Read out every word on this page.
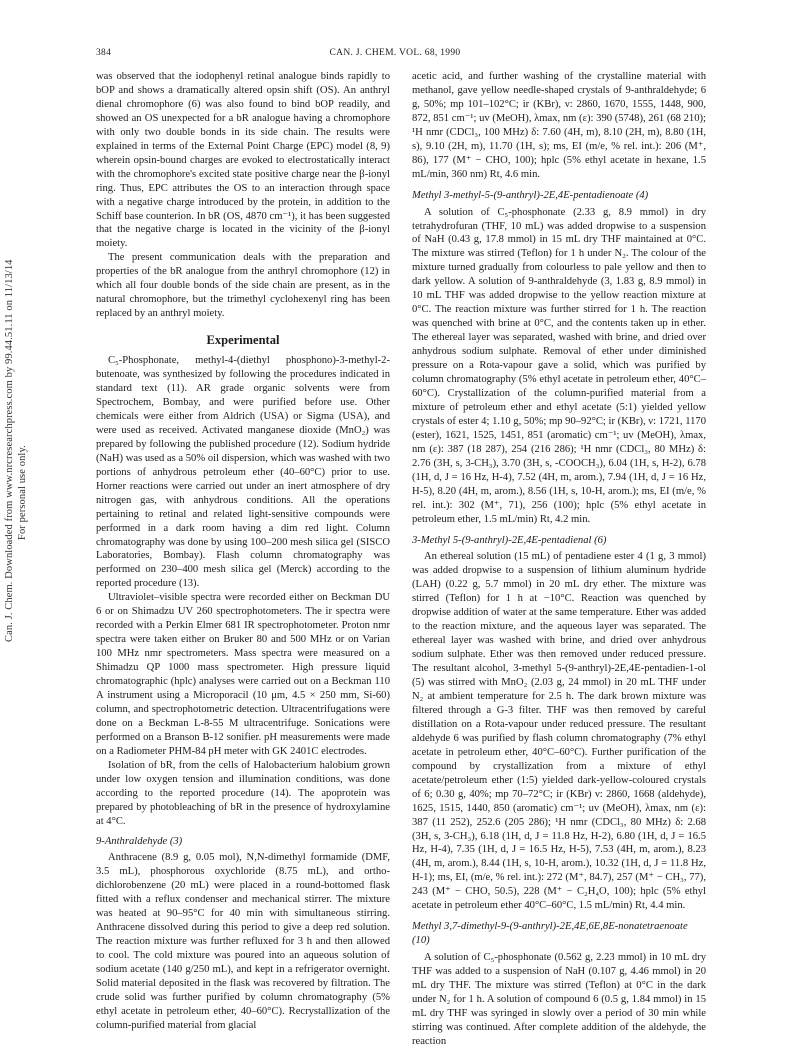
Can. J. Chem. Downloaded from www.nrcresearchpress.com by 99.44.51.11 on 11/13/14 For personal use only.
384	CAN. J. CHEM. VOL. 68, 1990

was observed that the iodophenyl retinal analogue binds rapidly to bOP and shows a dramatically altered opsin shift (OS). An anthryl dienal chromophore (6) was also found to bind bOP readily, and showed an OS unexpected for a bR analogue having a chromophore with only two double bonds in its side chain. The results were explained in terms of the External Point Charge (EPC) model (8, 9) wherein opsin-bound charges are evoked to electrostatically interact with the chromophore's excited state positive charge near the β-ionyl ring. Thus, EPC attributes the OS to an interaction through space with a negative charge introduced by the protein, in addition to the Schiff base counterion. In bR (OS, 4870 cm⁻¹), it has been suggested that the negative charge is located in the vicinity of the β-ionyl moiety.

The present communication deals with the preparation and properties of the bR analogue from the anthryl chromophore (12) in which all four double bonds of the side chain are present, as in the natural chromophore, but the trimethyl cyclohexenyl ring has been replaced by an anthryl moiety.

Experimental

C₅-Phosphonate, methyl-4-(diethyl phosphono)-3-methyl-2-butenoate, was synthesized by following the procedures indicated in standard text (11). AR grade organic solvents were from Spectrochem, Bombay, and were purified before use. Other chemicals were either from Aldrich (USA) or Sigma (USA), and were used as received. Activated manganese dioxide (MnO₂) was prepared by following the published procedure (12). Sodium hydride (NaH) was used as a 50% oil dispersion, which was washed with two portions of anhydrous petroleum ether (40–60°C) prior to use. Horner reactions were carried out under an inert atmosphere of dry nitrogen gas, with anhydrous conditions. All the operations pertaining to retinal and related light-sensitive compounds were performed in a dark room having a dim red light. Column chromatography was done by using 100–200 mesh silica gel (SISCO Laboratories, Bombay). Flash column chromatography was performed on 230–400 mesh silica gel (Merck) according to the reported procedure (13).

Ultraviolet–visible spectra were recorded either on Beckman DU 6 or on Shimadzu UV 260 spectrophotometers. The ir spectra were recorded with a Perkin Elmer 681 IR spectrophotometer. Proton nmr spectra were taken either on Bruker 80 and 500 MHz or on Varian 100 MHz nmr spectrometers. Mass spectra were measured on a Shimadzu QP 1000 mass spectrometer. High pressure liquid chromatographic (hplc) analyses were carried out on a Beckman 110 A instrument using a Microporacil (10 μm, 4.5 × 250 mm, Si-60) column, and spectrophotometric detection. Ultracentrifugations were done on a Beckman L-8-55 M ultracentrifuge. Sonications were performed on a Branson B-12 sonifier. pH measurements were made on a Radiometer PHM-84 pH meter with GK 2401C electrodes.

Isolation of bR, from the cells of Halobacterium halobium grown under low oxygen tension and illumination conditions, was done according to the reported procedure (14). The apoprotein was prepared by photobleaching of bR in the presence of hydroxylamine at 4°C.

9-Anthraldehyde (3)

Anthracene (8.9 g, 0.05 mol), N,N-dimethyl formamide (DMF, 3.5 mL), phosphorous oxychloride (8.75 mL), and ortho-dichlorobenzene (20 mL) were placed in a round-bottomed flask fitted with a reflux condenser and mechanical stirrer. The mixture was heated at 90–95°C for 40 min with simultaneous stirring. Anthracene dissolved during this period to give a deep red solution. The reaction mixture was further refluxed for 3 h and then allowed to cool. The cold mixture was poured into an aqueous solution of sodium acetate (140 g/250 mL), and kept in a refrigerator overnight. Solid material deposited in the flask was recovered by filtration. The crude solid was further purified by column chromatography (5% ethyl acetate in petroleum ether, 40–60°C). Recrystallization of the column-purified material from glacial

acetic acid, and further washing of the crystalline material with methanol, gave yellow needle-shaped crystals of 9-anthraldehyde; 6 g, 50%; mp 101–102°C; ir (KBr), ν: 2860, 1670, 1555, 1448, 900, 872, 851 cm⁻¹; uv (MeOH), λmax, nm (ε): 390 (5748), 261 (68 210); ¹H nmr (CDCl₃, 100 MHz) δ: 7.60 (4H, m), 8.10 (2H, m), 8.80 (1H, s), 9.10 (2H, m), 11.70 (1H, s); ms, EI (m/e, % rel. int.): 206 (M⁺, 86), 177 (M⁺ − CHO, 100); hplc (5% ethyl acetate in hexane, 1.5 mL/min, 360 nm) Rt, 4.6 min.

Methyl 3-methyl-5-(9-anthryl)-2E,4E-pentadienoate (4)

A solution of C₅-phosphonate (2.33 g, 8.9 mmol) in dry tetrahydrofuran (THF, 10 mL) was added dropwise to a suspension of NaH (0.43 g, 17.8 mmol) in 15 mL dry THF maintained at 0°C. The mixture was stirred (Teflon) for 1 h under N₂. The colour of the mixture turned gradually from colourless to pale yellow and then to dark yellow. A solution of 9-anthraldehyde (3, 1.83 g, 8.9 mmol) in 10 mL THF was added dropwise to the yellow reaction mixture at 0°C. The reaction mixture was further stirred for 1 h. The reaction was quenched with brine at 0°C, and the contents taken up in ether. The ethereal layer was separated, washed with brine, and dried over anhydrous sodium sulphate. Removal of ether under diminished pressure on a Rota-vapour gave a solid, which was purified by column chromatography (5% ethyl acetate in petroleum ether, 40°C–60°C). Crystallization of the column-purified material from a mixture of petroleum ether and ethyl acetate (5:1) yielded yellow crystals of ester 4; 1.10 g, 50%; mp 90–92°C; ir (KBr), ν: 1721, 1170 (ester), 1621, 1525, 1451, 851 (aromatic) cm⁻¹; uv (MeOH), λmax, nm (ε): 387 (18 287), 254 (216 286); ¹H nmr (CDCl₃, 80 MHz) δ: 2.76 (3H, s, 3-CH₃), 3.70 (3H, s, -COOCH₃), 6.04 (1H, s, H-2), 6.78 (1H, d, J = 16 Hz, H-4), 7.52 (4H, m, arom.), 7.94 (1H, d, J = 16 Hz, H-5), 8.20 (4H, m, arom.), 8.56 (1H, s, 10-H, arom.); ms, EI (m/e, % rel. int.): 302 (M⁺, 71), 256 (100); hplc (5% ethyl acetate in petroleum ether, 1.5 mL/min) Rt, 4.2 min.

3-Methyl 5-(9-anthryl)-2E,4E-pentadienal (6)

An ethereal solution (15 mL) of pentadiene ester 4 (1 g, 3 mmol) was added dropwise to a suspension of lithium aluminum hydride (LAH) (0.22 g, 5.7 mmol) in 20 mL dry ether. The mixture was stirred (Teflon) for 1 h at −10°C. Reaction was quenched by dropwise addition of water at the same temperature. Ether was added to the reaction mixture, and the aqueous layer was separated. The ethereal layer was washed with brine, and dried over anhydrous sodium sulphate. Ether was then removed under reduced pressure. The resultant alcohol, 3-methyl 5-(9-anthryl)-2E,4E-pentadien-1-ol (5) was stirred with MnO₂ (2.03 g, 24 mmol) in 20 mL THF under N₂ at ambient temperature for 2.5 h. The dark brown mixture was filtered through a G-3 filter. THF was then removed by careful distillation on a Rota-vapour under reduced pressure. The resultant aldehyde 6 was purified by flash column chromatography (7% ethyl acetate in petroleum ether, 40°C–60°C). Further purification of the compound by crystallization from a mixture of ethyl acetate/petroleum ether (1:5) yielded dark-yellow-coloured crystals of 6; 0.30 g, 40%; mp 70–72°C; ir (KBr) ν: 2860, 1668 (aldehyde), 1625, 1515, 1440, 850 (aromatic) cm⁻¹; uv (MeOH), λmax, nm (ε): 387 (11 252), 252.6 (205 286); ¹H nmr (CDCl₃, 80 MHz) δ: 2.68 (3H, s, 3-CH₃), 6.18 (1H, d, J = 11.8 Hz, H-2), 6.80 (1H, d, J = 16.5 Hz, H-4), 7.35 (1H, d, J = 16.5 Hz, H-5), 7.53 (4H, m, arom.), 8.23 (4H, m, arom.), 8.44 (1H, s, 10-H, arom.), 10.32 (1H, d, J = 11.8 Hz, H-1); ms, EI, (m/e, % rel. int.): 272 (M⁺, 84.7), 257 (M⁺ − CH₃, 77), 243 (M⁺ − CHO, 50.5), 228 (M⁺ − C₂H₄O, 100); hplc (5% ethyl acetate in petroleum ether 40°C–60°C, 1.5 mL/min) Rt, 4.4 min.

Methyl 3,7-dimethyl-9-(9-anthryl)-2E,4E,6E,8E-nonatetraenoate (10)

A solution of C₅-phosphonate (0.562 g, 2.23 mmol) in 10 mL dry THF was added to a suspension of NaH (0.107 g, 4.46 mmol) in 20 mL dry THF. The mixture was stirred (Teflon) at 0°C in the dark under N₂ for 1 h. A solution of compound 6 (0.5 g, 1.84 mmol) in 15 mL dry THF was syringed in slowly over a period of 30 min while stirring was continued. After complete addition of the aldehyde, the reaction
